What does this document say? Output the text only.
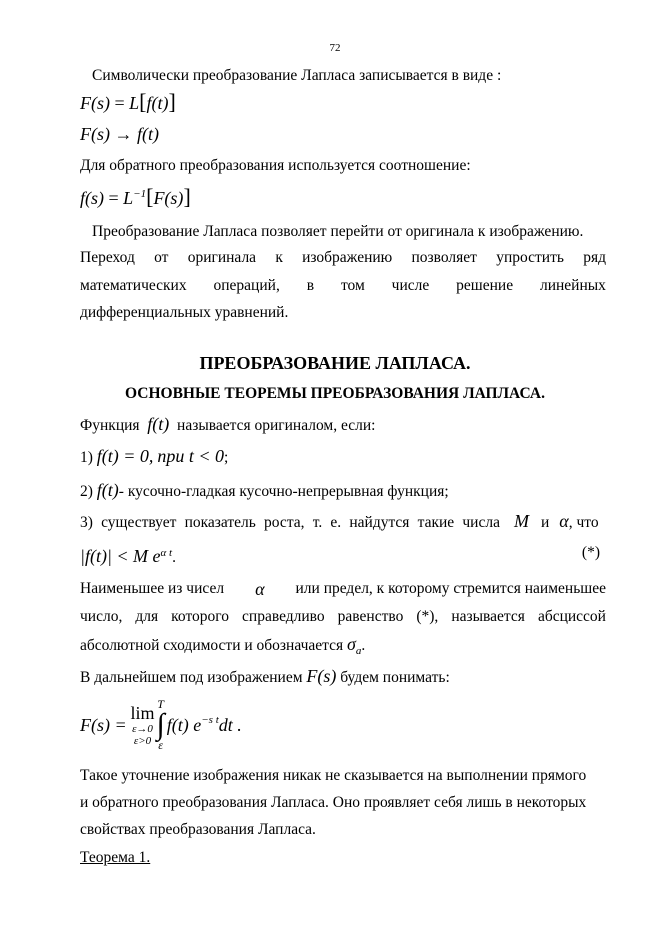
72
Символически преобразование Лапласа записывается в виде :
F(s) = L[f(t)]
F(s) → f(t)
Для обратного преобразования используется соотношение:
$f(s) = L^{-1}[F(s)]$
Преобразование Лапласа позволяет перейти от оригинала к изображению.
Переход от оригинала к изображению позволяет упростить ряд
математических операций, в том числе решение линейных
дифференциальных уравнений.
ПРЕОБРАЗОВАНИЕ ЛАПЛАСА.
ОСНОВНЫЕ ТЕОРЕМЫ ПРЕОБРАЗОВАНИЯ ЛАПЛАСА.
Функция f(t) называется оригиналом, если:
1) f(t) = 0, при t < 0;
2) f(t)- кусочно-гладкая кусочно-непрерывная функция;
3) существует показатель роста, т. е. найдутся такие числа M и α , что
|f(t)| < M $e^{\alpha t}$.	(*)
Наименьшее из чисел α или предел, к которому стремится наименьшее
число, для которого справедливо равенство (*), называется абсциссой
абсолютной сходимости и обозначается $\sigma_a$.
В дальнейшем под изображением F(s) будем понимать:
F(s) =

lim
ε→0
ε>0
T
∫
ε
f(t) $e^{-s t}$ dt .
Такое уточнение изображения никак не сказывается на выполнении прямого
и обратного преобразования Лапласа. Оно проявляет себя лишь в некоторых
свойствах преобразования Лапласа.
Теорема 1.
